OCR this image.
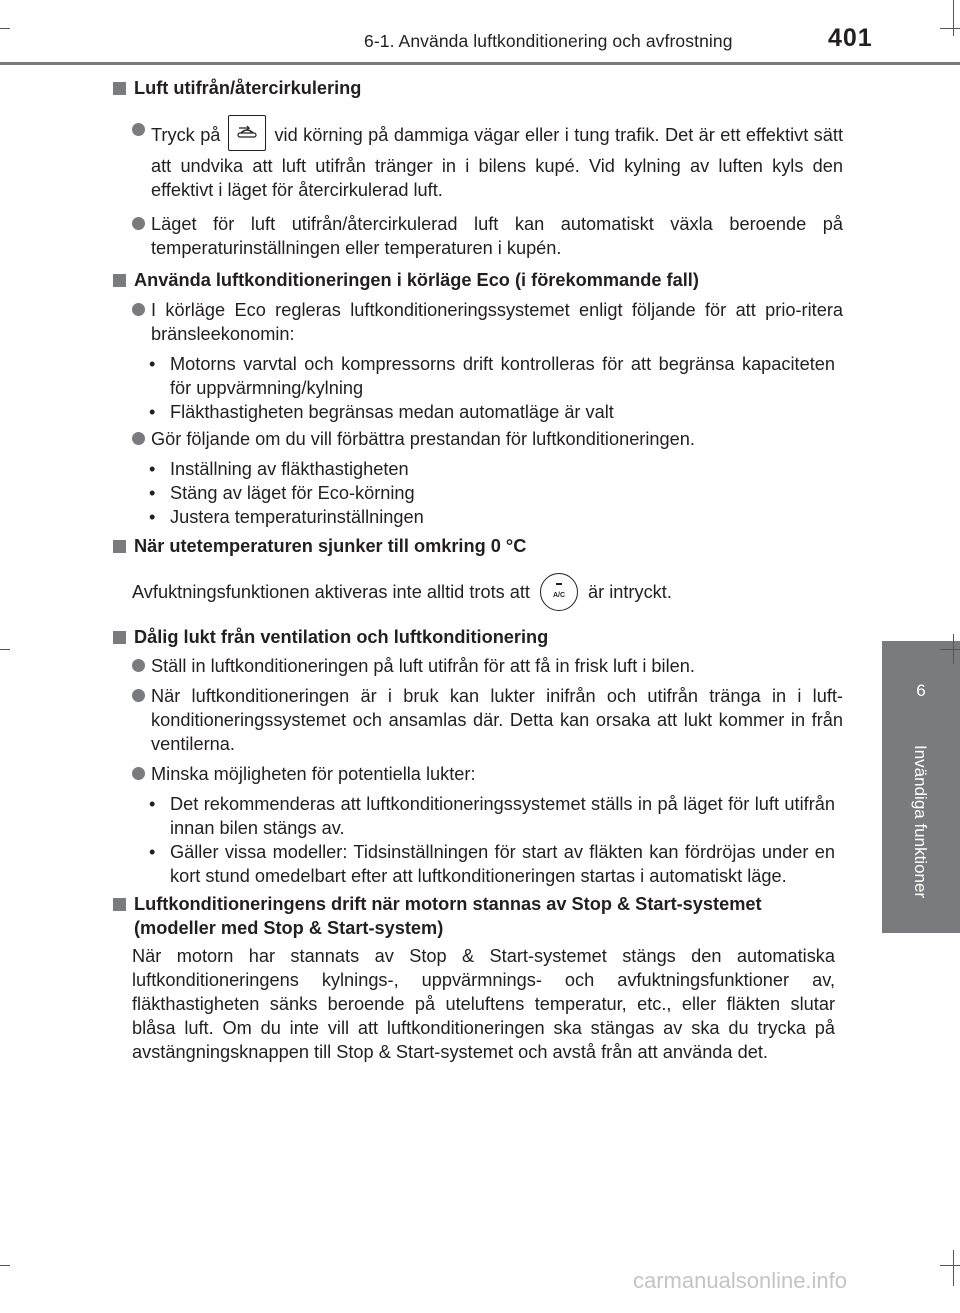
6-1. Använda luftkonditionering och avfrostning	401
6
Invändiga funktioner
Luft utifrån/återcirkulering
Tryck på	vid körning på dammiga vägar eller i tung trafik. Det är ett effektivt sätt att undvika att luft utifrån tränger in i bilens kupé. Vid kylning av luften kyls den effektivt i läget för återcirkulerad luft.
Läget för luft utifrån/återcirkulerad luft kan automatiskt växla beroende på temperaturinställningen eller temperaturen i kupén.
Använda luftkonditioneringen i körläge Eco (i förekommande fall)
I körläge Eco regleras luftkonditioneringssystemet enligt följande för att prio-ritera bränsleekonomin:
• Motorns varvtal och kompressorns drift kontrolleras för att begränsa kapaciteten för uppvärmning/kylning
• Fläkthastigheten begränsas medan automatläge är valt
Gör följande om du vill förbättra prestandan för luftkonditioneringen.
• Inställning av fläkthastigheten
• Stäng av läget för Eco-körning
• Justera temperaturinställningen
När utetemperaturen sjunker till omkring 0 °C
Avfuktningsfunktionen aktiveras inte alltid trots att	A/C är intryckt.
Dålig lukt från ventilation och luftkonditionering
Ställ in luftkonditioneringen på luft utifrån för att få in frisk luft i bilen.
När luftkonditioneringen är i bruk kan lukter inifrån och utifrån tränga in i luft-konditioneringssystemet och ansamlas där. Detta kan orsaka att lukt kommer in från ventilerna.
Minska möjligheten för potentiella lukter:
• Det rekommenderas att luftkonditioneringssystemet ställs in på läget för luft utifrån innan bilen stängs av.
• Gäller vissa modeller: Tidsinställningen för start av fläkten kan fördröjas under en kort stund omedelbart efter att luftkonditioneringen startas i automatiskt läge.
Luftkonditioneringens drift när motorn stannas av Stop & Start-systemet (modeller med Stop & Start-system)
När motorn har stannats av Stop & Start-systemet stängs den automatiska luftkonditioneringens kylnings-, uppvärmnings- och avfuktningsfunktioner av, fläkthastigheten sänks beroende på uteluftens temperatur, etc., eller fläkten slutar blåsa luft. Om du inte vill att luftkonditioneringen ska stängas av ska du trycka på avstängningsknappen till Stop & Start-systemet och avstå från att använda det.
carmanualsonline.info
